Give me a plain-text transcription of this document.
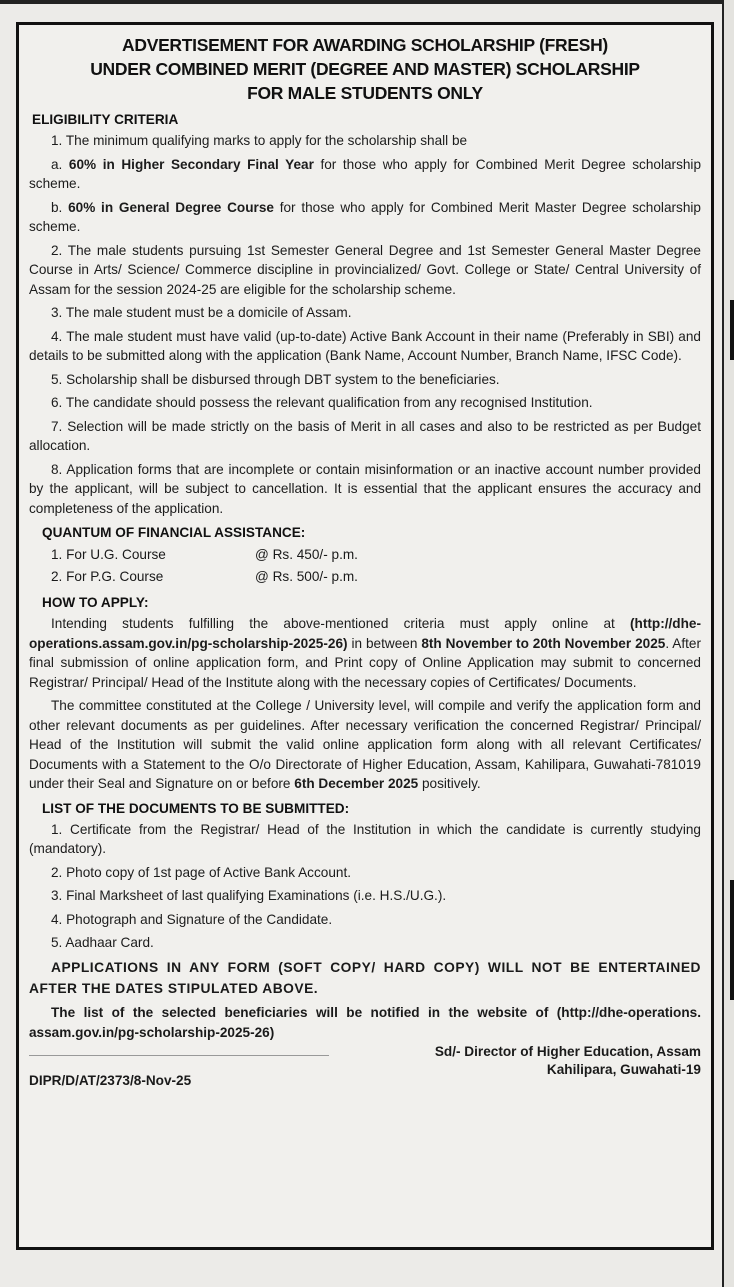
ADVERTISEMENT FOR AWARDING SCHOLARSHIP (FRESH)
UNDER COMBINED MERIT (DEGREE AND MASTER) SCHOLARSHIP
FOR MALE STUDENTS ONLY
ELIGIBILITY CRITERIA

1. The minimum qualifying marks to apply for the scholarship shall be

a. 60% in Higher Secondary Final Year for those who apply for Combined Merit Degree scholarship scheme.

b. 60% in General Degree Course for those who apply for Combined Merit Master Degree scholarship scheme.

2. The male students pursuing 1st Semester General Degree and 1st Semester General Master Degree Course in Arts/ Science/ Commerce discipline in provincialized/ Govt. College or State/ Central University of Assam for the session 2024-25 are eligible for the scholarship scheme.

3. The male student must be a domicile of Assam.

4. The male student must have valid (up-to-date) Active Bank Account in their name (Preferably in SBI) and details to be submitted along with the application (Bank Name, Account Number, Branch Name, IFSC Code).

5. Scholarship shall be disbursed through DBT system to the beneficiaries.

6. The candidate should possess the relevant qualification from any recognised Institution.

7. Selection will be made strictly on the basis of Merit in all cases and also to be restricted as per Budget allocation.

8. Application forms that are incomplete or contain misinformation or an inactive account number provided by the applicant, will be subject to cancellation. It is essential that the applicant ensures the accuracy and completeness of the application.

QUANTUM OF FINANCIAL ASSISTANCE:
1. For U.G. Course	@ Rs. 450/- p.m.
2. For P.G. Course	@ Rs. 500/- p.m.
HOW TO APPLY:

Intending students fulfilling the above-mentioned criteria must apply online at (http://dhe-operations.assam.gov.in/pg-scholarship-2025-26) in between 8th November to 20th November 2025. After final submission of online application form, and Print copy of Online Application may submit to concerned Registrar/ Principal/ Head of the Institute along with the necessary copies of Certificates/ Documents.

The committee constituted at the College / University level, will compile and verify the application form and other relevant documents as per guidelines. After necessary verification the concerned Registrar/ Principal/ Head of the Institution will submit the valid online application form along with all relevant Certificates/ Documents with a Statement to the O/o Directorate of Higher Education, Assam, Kahilipara, Guwahati-781019 under their Seal and Signature on or before 6th December 2025 positively.

LIST OF THE DOCUMENTS TO BE SUBMITTED:

1. Certificate from the Registrar/ Head of the Institution in which the candidate is currently studying (mandatory).

2. Photo copy of 1st page of Active Bank Account.

3. Final Marksheet of last qualifying Examinations (i.e. H.S./U.G.).

4. Photograph and Signature of the Candidate.

5. Aadhaar Card.

APPLICATIONS IN ANY FORM (SOFT COPY/ HARD COPY) WILL NOT BE ENTERTAINED AFTER THE DATES STIPULATED ABOVE.
The list of the selected beneficiaries will be notified in the website of (http://dhe-operations. assam.gov.in/pg-scholarship-2025-26)
Sd/- Director of Higher Education, Assam
Kahilipara, Guwahati-19
DIPR/D/AT/2373/8-Nov-25
